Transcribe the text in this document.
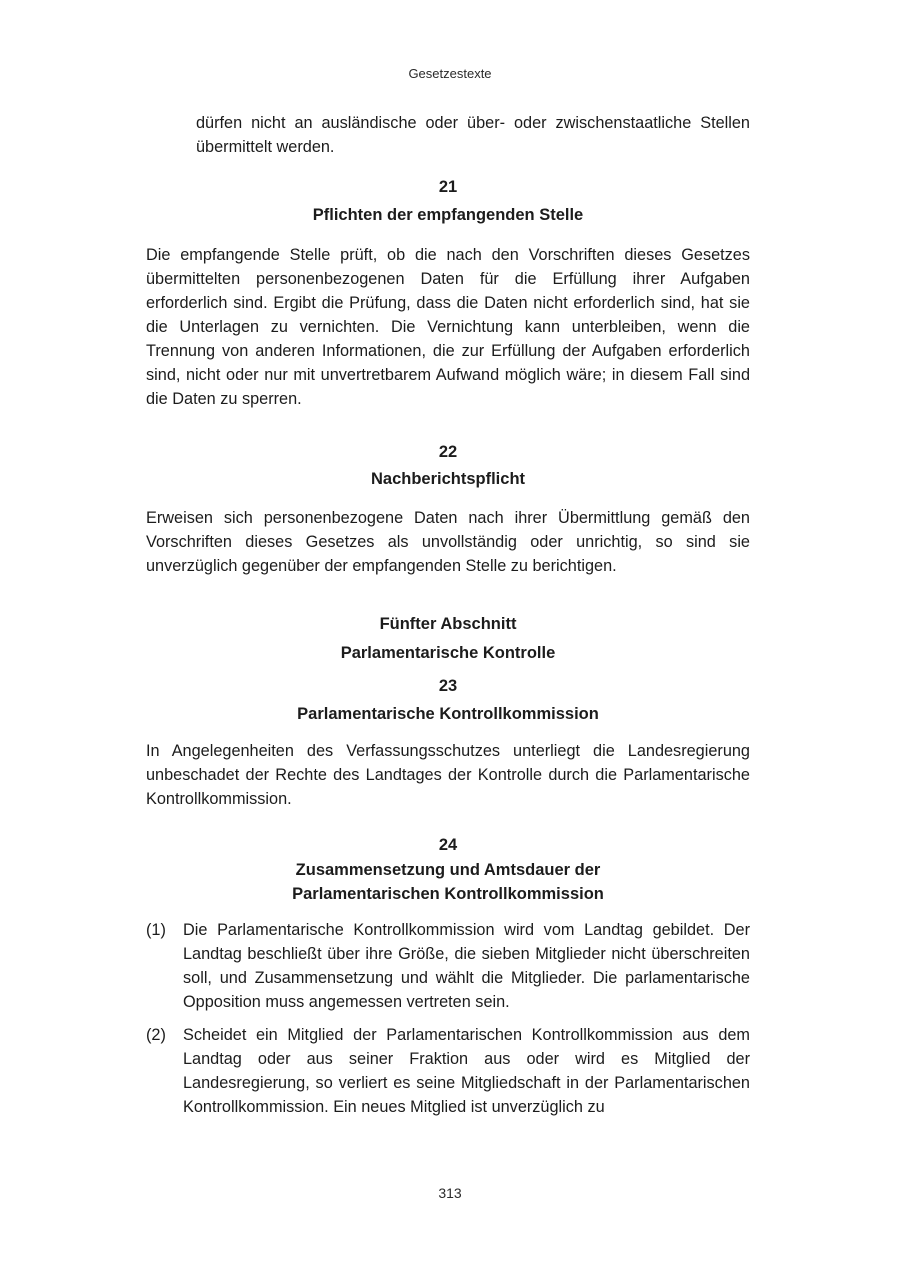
Gesetzestexte

dürfen nicht an ausländische oder über- oder zwischenstaatliche Stellen übermittelt werden.

21

Pflichten der empfangenden Stelle

Die empfangende Stelle prüft, ob die nach den Vorschriften dieses Gesetzes übermittelten personenbezogenen Daten für die Erfüllung ihrer Aufgaben erforderlich sind. Ergibt die Prüfung, dass die Daten nicht erforderlich sind, hat sie die Unterlagen zu vernichten. Die Vernichtung kann unterbleiben, wenn die Trennung von anderen Informationen, die zur Erfüllung der Aufgaben erforderlich sind, nicht oder nur mit unvertretbarem Aufwand möglich wäre; in diesem Fall sind die Daten zu sperren.

22

Nachberichtspflicht

Erweisen sich personenbezogene Daten nach ihrer Übermittlung gemäß den Vorschriften dieses Gesetzes als unvollständig oder unrichtig, so sind sie unverzüglich gegenüber der empfangenden Stelle zu berichtigen.

Fünfter Abschnitt

Parlamentarische Kontrolle

23

Parlamentarische Kontrollkommission

In Angelegenheiten des Verfassungsschutzes unterliegt die Landesregierung unbeschadet der Rechte des Landtages der Kontrolle durch die Parlamentarische Kontrollkommission.

24

Zusammensetzung und Amtsdauer der

Parlamentarischen Kontrollkommission

(1)	Die Parlamentarische Kontrollkommission wird vom Landtag gebildet. Der Landtag beschließt über ihre Größe, die sieben Mitglieder nicht überschreiten soll, und Zusammensetzung und wählt die Mitglieder. Die parlamentarische Opposition muss angemessen vertreten sein.
(2)	Scheidet ein Mitglied der Parlamentarischen Kontrollkommission aus dem Landtag oder aus seiner Fraktion aus oder wird es Mitglied der Landesregierung, so verliert es seine Mitgliedschaft in der Parlamentarischen Kontrollkommission. Ein neues Mitglied ist unverzüglich zu
313
